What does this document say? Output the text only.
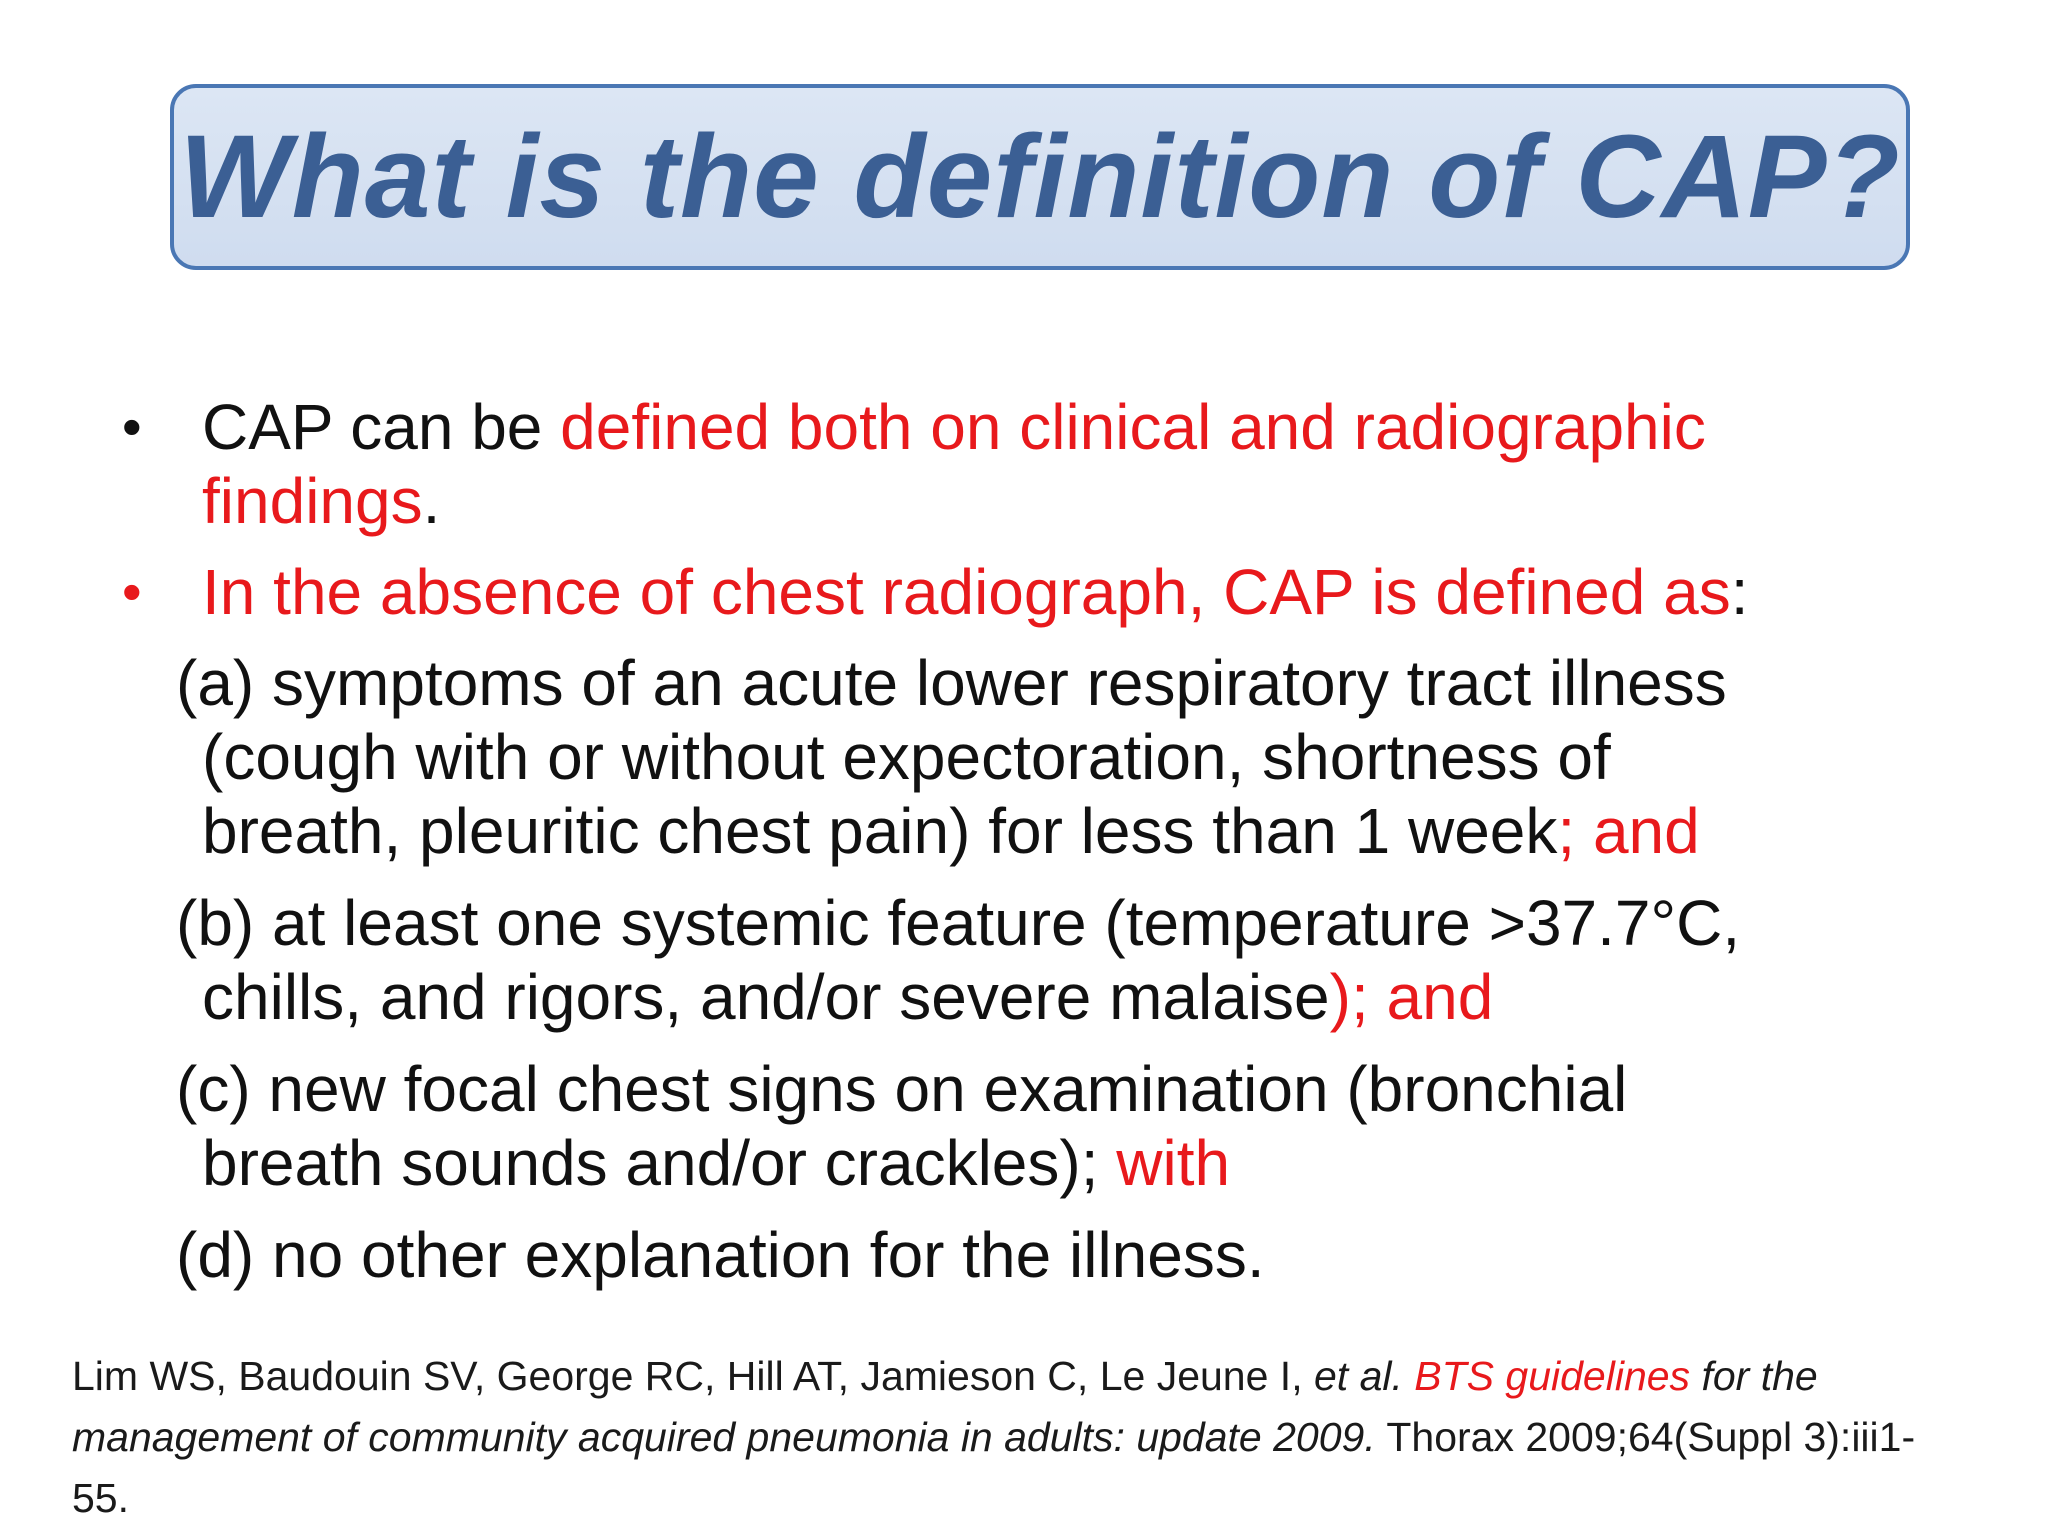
What is the definition of CAP?
• CAP can be defined both on clinical and radiographic
findings.
• In the absence of chest radiograph, CAP is defined as:
(a) symptoms of an acute lower respiratory tract illness
(cough with or without expectoration, shortness of
breath, pleuritic chest pain) for less than 1 week; and
(b) at least one systemic feature (temperature >37.7°C,
chills, and rigors, and/or severe malaise); and
(c) new focal chest signs on examination (bronchial
breath sounds and/or crackles); with
(d) no other explanation for the illness.
Lim WS, Baudouin SV, George RC, Hill AT, Jamieson C, Le Jeune I, et al. BTS guidelines for the management of community acquired pneumonia in adults: update 2009. Thorax 2009;64(Suppl 3):iii1-55.
